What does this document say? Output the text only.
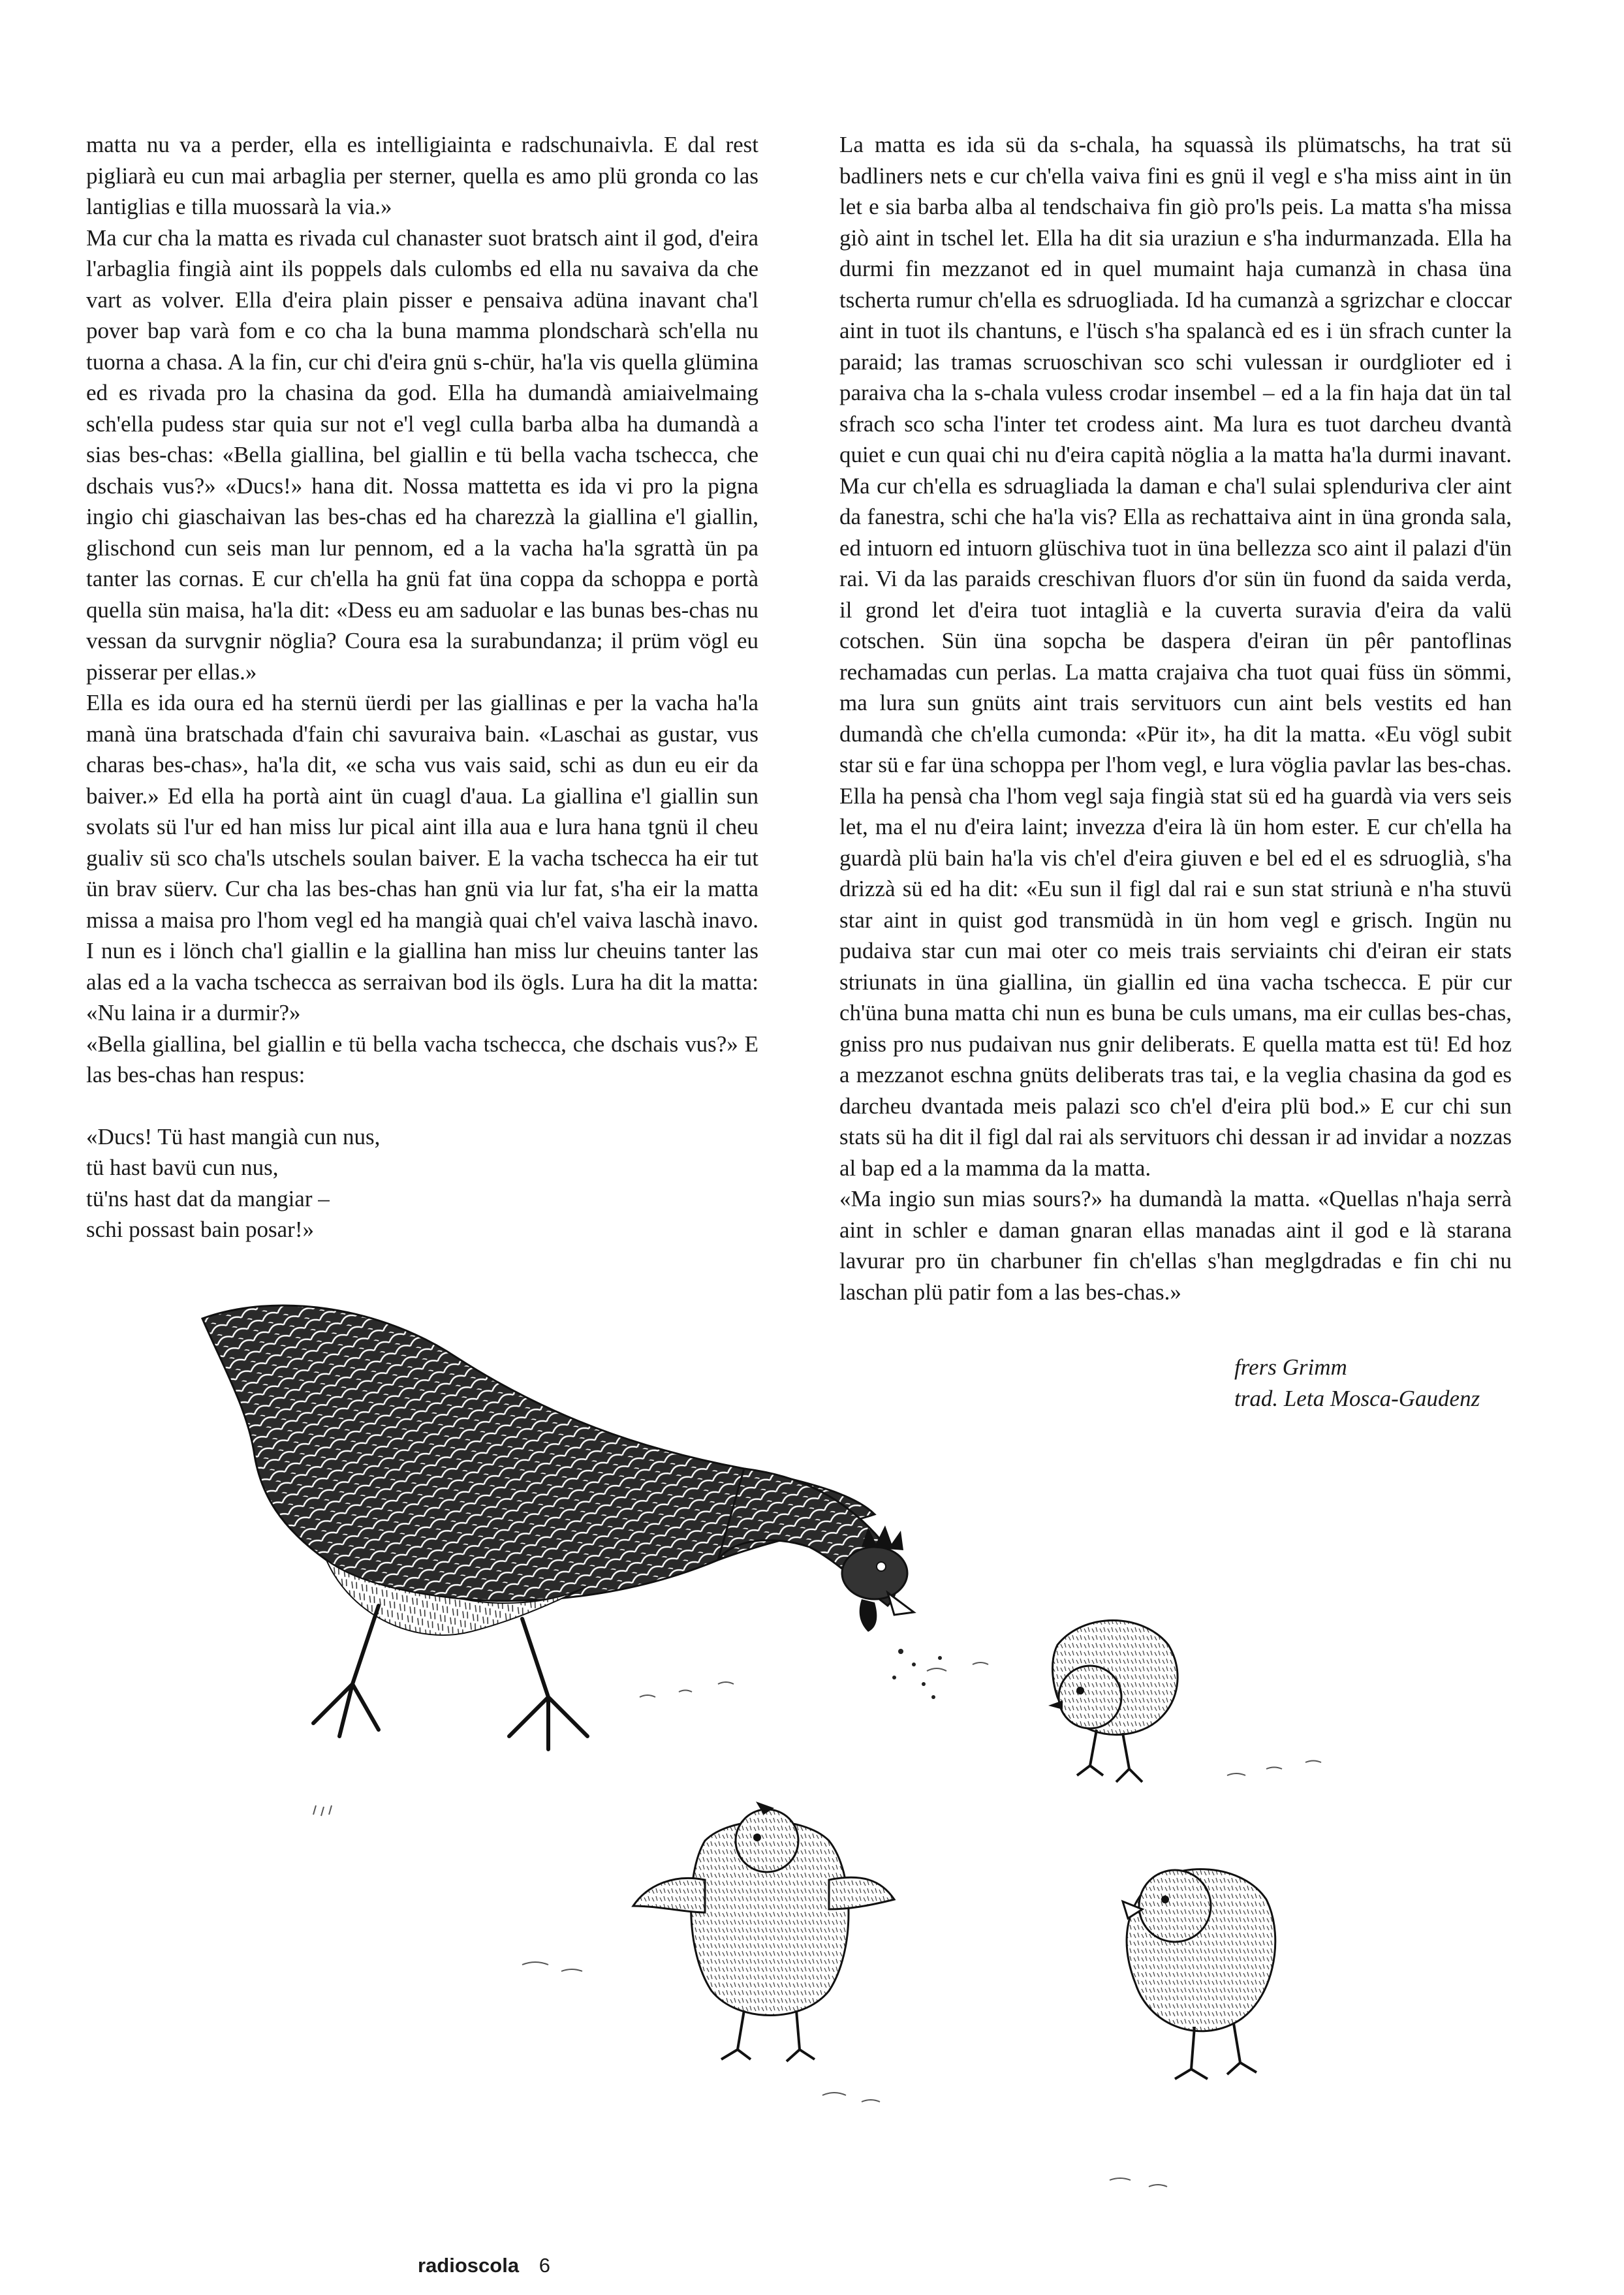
matta nu va a perder, ella es intelligiainta e radschunaivla. E dal rest pigliarà eu cun mai arbaglia per sterner, quella es amo plü gronda co las lantiglias e tilla muossarà la via.»

Ma cur cha la matta es rivada cul chanaster suot bratsch aint il god, d'eira l'arbaglia fingià aint ils poppels dals culombs ed ella nu savaiva da che vart as volver. Ella d'eira plain pisser e pensaiva adüna inavant cha'l pover bap varà fom e co cha la buna mamma plondscharà sch'ella nu tuorna a chasa. A la fin, cur chi d'eira gnü s-chür, ha'la vis quella glümina ed es rivada pro la chasina da god. Ella ha dumandà amiaivelmaing sch'ella pudess star quia sur not e'l vegl culla barba alba ha dumandà a sias bes-chas: «Bella giallina, bel giallin e tü bella vacha tschecca, che dschais vus?» «Ducs!» hana dit. Nossa mattetta es ida vi pro la pigna ingio chi giaschaivan las bes-chas ed ha charezzà la giallina e'l giallin, glischond cun seis man lur pennom, ed a la vacha ha'la sgrattà ün pa tanter las cornas. E cur ch'ella ha gnü fat üna coppa da schoppa e portà quella sün maisa, ha'la dit: «Dess eu am saduolar e las bunas bes-chas nu vessan da survgnir nöglia? Coura esa la surabundanza; il prüm vögl eu pisserar per ellas.»

Ella es ida oura ed ha sternü üerdi per las giallinas e per la vacha ha'la manà üna bratschada d'fain chi savuraiva bain. «Laschai as gustar, vus charas bes-chas», ha'la dit, «e scha vus vais said, schi as dun eu eir da baiver.» Ed ella ha portà aint ün cuagl d'aua. La giallina e'l giallin sun svolats sü l'ur ed han miss lur pical aint illa aua e lura hana tgnü il cheu gualiv sü sco cha'ls utschels soulan baiver. E la vacha tschecca ha eir tut ün brav süerv. Cur cha las bes-chas han gnü via lur fat, s'ha eir la matta missa a maisa pro l'hom vegl ed ha mangià quai ch'el vaiva laschà inavo. I nun es i lönch cha'l giallin e la giallina han miss lur cheuins tanter las alas ed a la vacha tschecca as serraivan bod ils ögls. Lura ha dit la matta: «Nu laina ir a durmir?»

«Bella giallina, bel giallin e tü bella vacha tschecca, che dschais vus?» E las bes-chas han respus:

«Ducs! Tü hast mangià cun nus,
tü hast bavü cun nus,
tü'ns hast dat da mangiar –
schi possast bain posar!»

La matta es ida sü da s-chala, ha squassà ils plümatschs, ha trat sü badliners nets e cur ch'ella vaiva fini es gnü il vegl e s'ha miss aint in ün let e sia barba alba al tendschaiva fin giò pro'ls peis. La matta s'ha missa giò aint in tschel let. Ella ha dit sia uraziun e s'ha indurmanzada. Ella ha durmi fin mezzanot ed in quel mumaint haja cumanzà in chasa üna tscherta rumur ch'ella es sdruogliada. Id ha cumanzà a sgrizchar e cloccar aint in tuot ils chantuns, e l'üsch s'ha spalancà ed es i ün sfrach cunter la paraid; las tramas scruoschivan sco schi vulessan ir ourdglioter ed i paraiva cha la s-chala vuless crodar insembel – ed a la fin haja dat ün tal sfrach sco scha l'inter tet crodess aint. Ma lura es tuot darcheu dvantà quiet e cun quai chi nu d'eira capità nöglia a la matta ha'la durmi inavant. Ma cur ch'ella es sdruagliada la daman e cha'l sulai splenduriva cler aint da fanestra, schi che ha'la vis? Ella as rechattaiva aint in üna gronda sala, ed intuorn ed intuorn glüschiva tuot in üna bellezza sco aint il palazi d'ün rai. Vi da las paraids creschivan fluors d'or sün ün fuond da saida verda, il grond let d'eira tuot intaglià e la cuverta suravia d'eira da valü cotschen. Sün üna sopcha be daspera d'eiran ün pêr pantoflinas rechamadas cun perlas. La matta crajaiva cha tuot quai füss ün sömmi, ma lura sun gnüts aint trais servituors cun aint bels vestits ed han dumandà che ch'ella cumonda: «Pür it», ha dit la matta. «Eu vögl subit star sü e far üna schoppa per l'hom vegl, e lura vöglia pavlar las bes-chas. Ella ha pensà cha l'hom vegl saja fingià stat sü ed ha guardà via vers seis let, ma el nu d'eira laint; invezza d'eira là ün hom ester. E cur ch'ella ha guardà plü bain ha'la vis ch'el d'eira giuven e bel ed el es sdruoglià, s'ha drizzà sü ed ha dit: «Eu sun il figl dal rai e sun stat striunà e n'ha stuvü star aint in quist god transmüdà in ün hom vegl e grisch. Ingün nu pudaiva star cun mai oter co meis trais serviaints chi d'eiran eir stats striunats in üna giallina, ün giallin ed üna vacha tschecca. E pür cur ch'üna buna matta chi nun es buna be culs umans, ma eir cullas bes-chas, gniss pro nus pudaivan nus gnir deliberats. E quella matta est tü! Ed hoz a mezzanot eschna gnüts deliberats tras tai, e la veglia chasina da god es darcheu dvantada meis palazi sco ch'el d'eira plü bod.» E cur chi sun stats sü ha dit il figl dal rai als servituors chi dessan ir ad invidar a nozzas al bap ed a la mamma da la matta.

«Ma ingio sun mias sours?» ha dumandà la matta. «Quellas n'haja serrà aint in schler e daman gnaran ellas manadas aint il god e là starana lavurar pro ün charbuner fin ch'ellas s'han meglgdradas e fin chi nu laschan plü patir fom a las bes-chas.»

frers Grimm
trad. Leta Mosca-Gaudenz

radioscola 6
